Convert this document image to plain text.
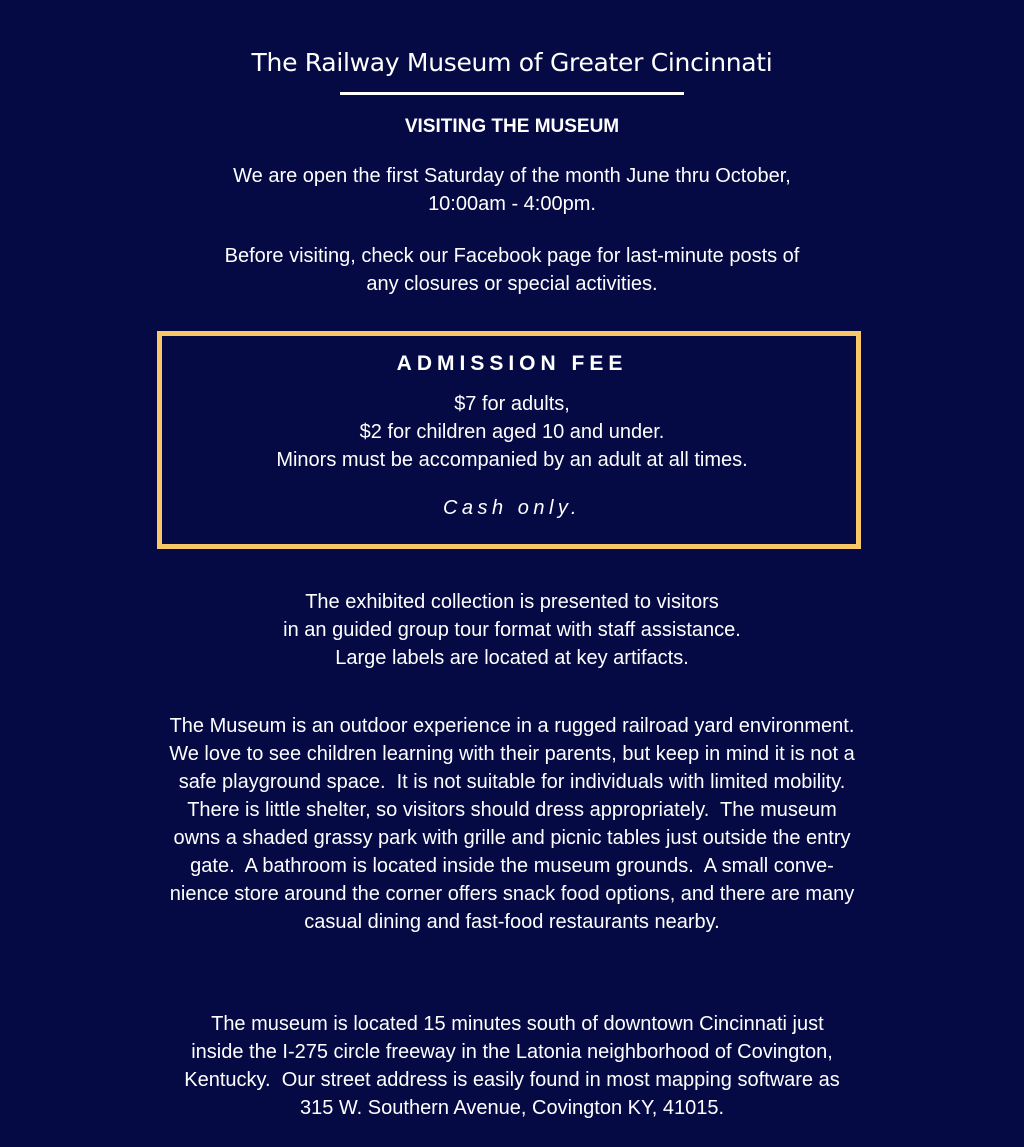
The Railway Museum of Greater Cincinnati
VISITING THE MUSEUM
We are open the first Saturday of the month June thru October,
10:00am - 4:00pm.
Before visiting, check our Facebook page for last-minute posts of
any closures or special activities.
ADMISSION FEE
$7 for adults,
$2 for children aged 10 and under.
Minors must be accompanied by an adult at all times.
Cash only.
The exhibited collection is presented to visitors
in an guided group tour format with staff assistance.
Large labels are located at key artifacts.
The Museum is an outdoor experience in a rugged railroad yard environment.
We love to see children learning with their parents, but keep in mind it is not a
safe playground space.  It is not suitable for individuals with limited mobility.
There is little shelter, so visitors should dress appropriately.  The museum
owns a shaded grassy park with grille and picnic tables just outside the entry
gate.  A bathroom is located inside the museum grounds.  A small conve-
nience store around the corner offers snack food options, and there are many
casual dining and fast-food restaurants nearby.
The museum is located 15 minutes south of downtown Cincinnati just
inside the I-275 circle freeway in the Latonia neighborhood of Covington,
Kentucky.  Our street address is easily found in most mapping software as
315 W. Southern Avenue, Covington KY, 41015.
